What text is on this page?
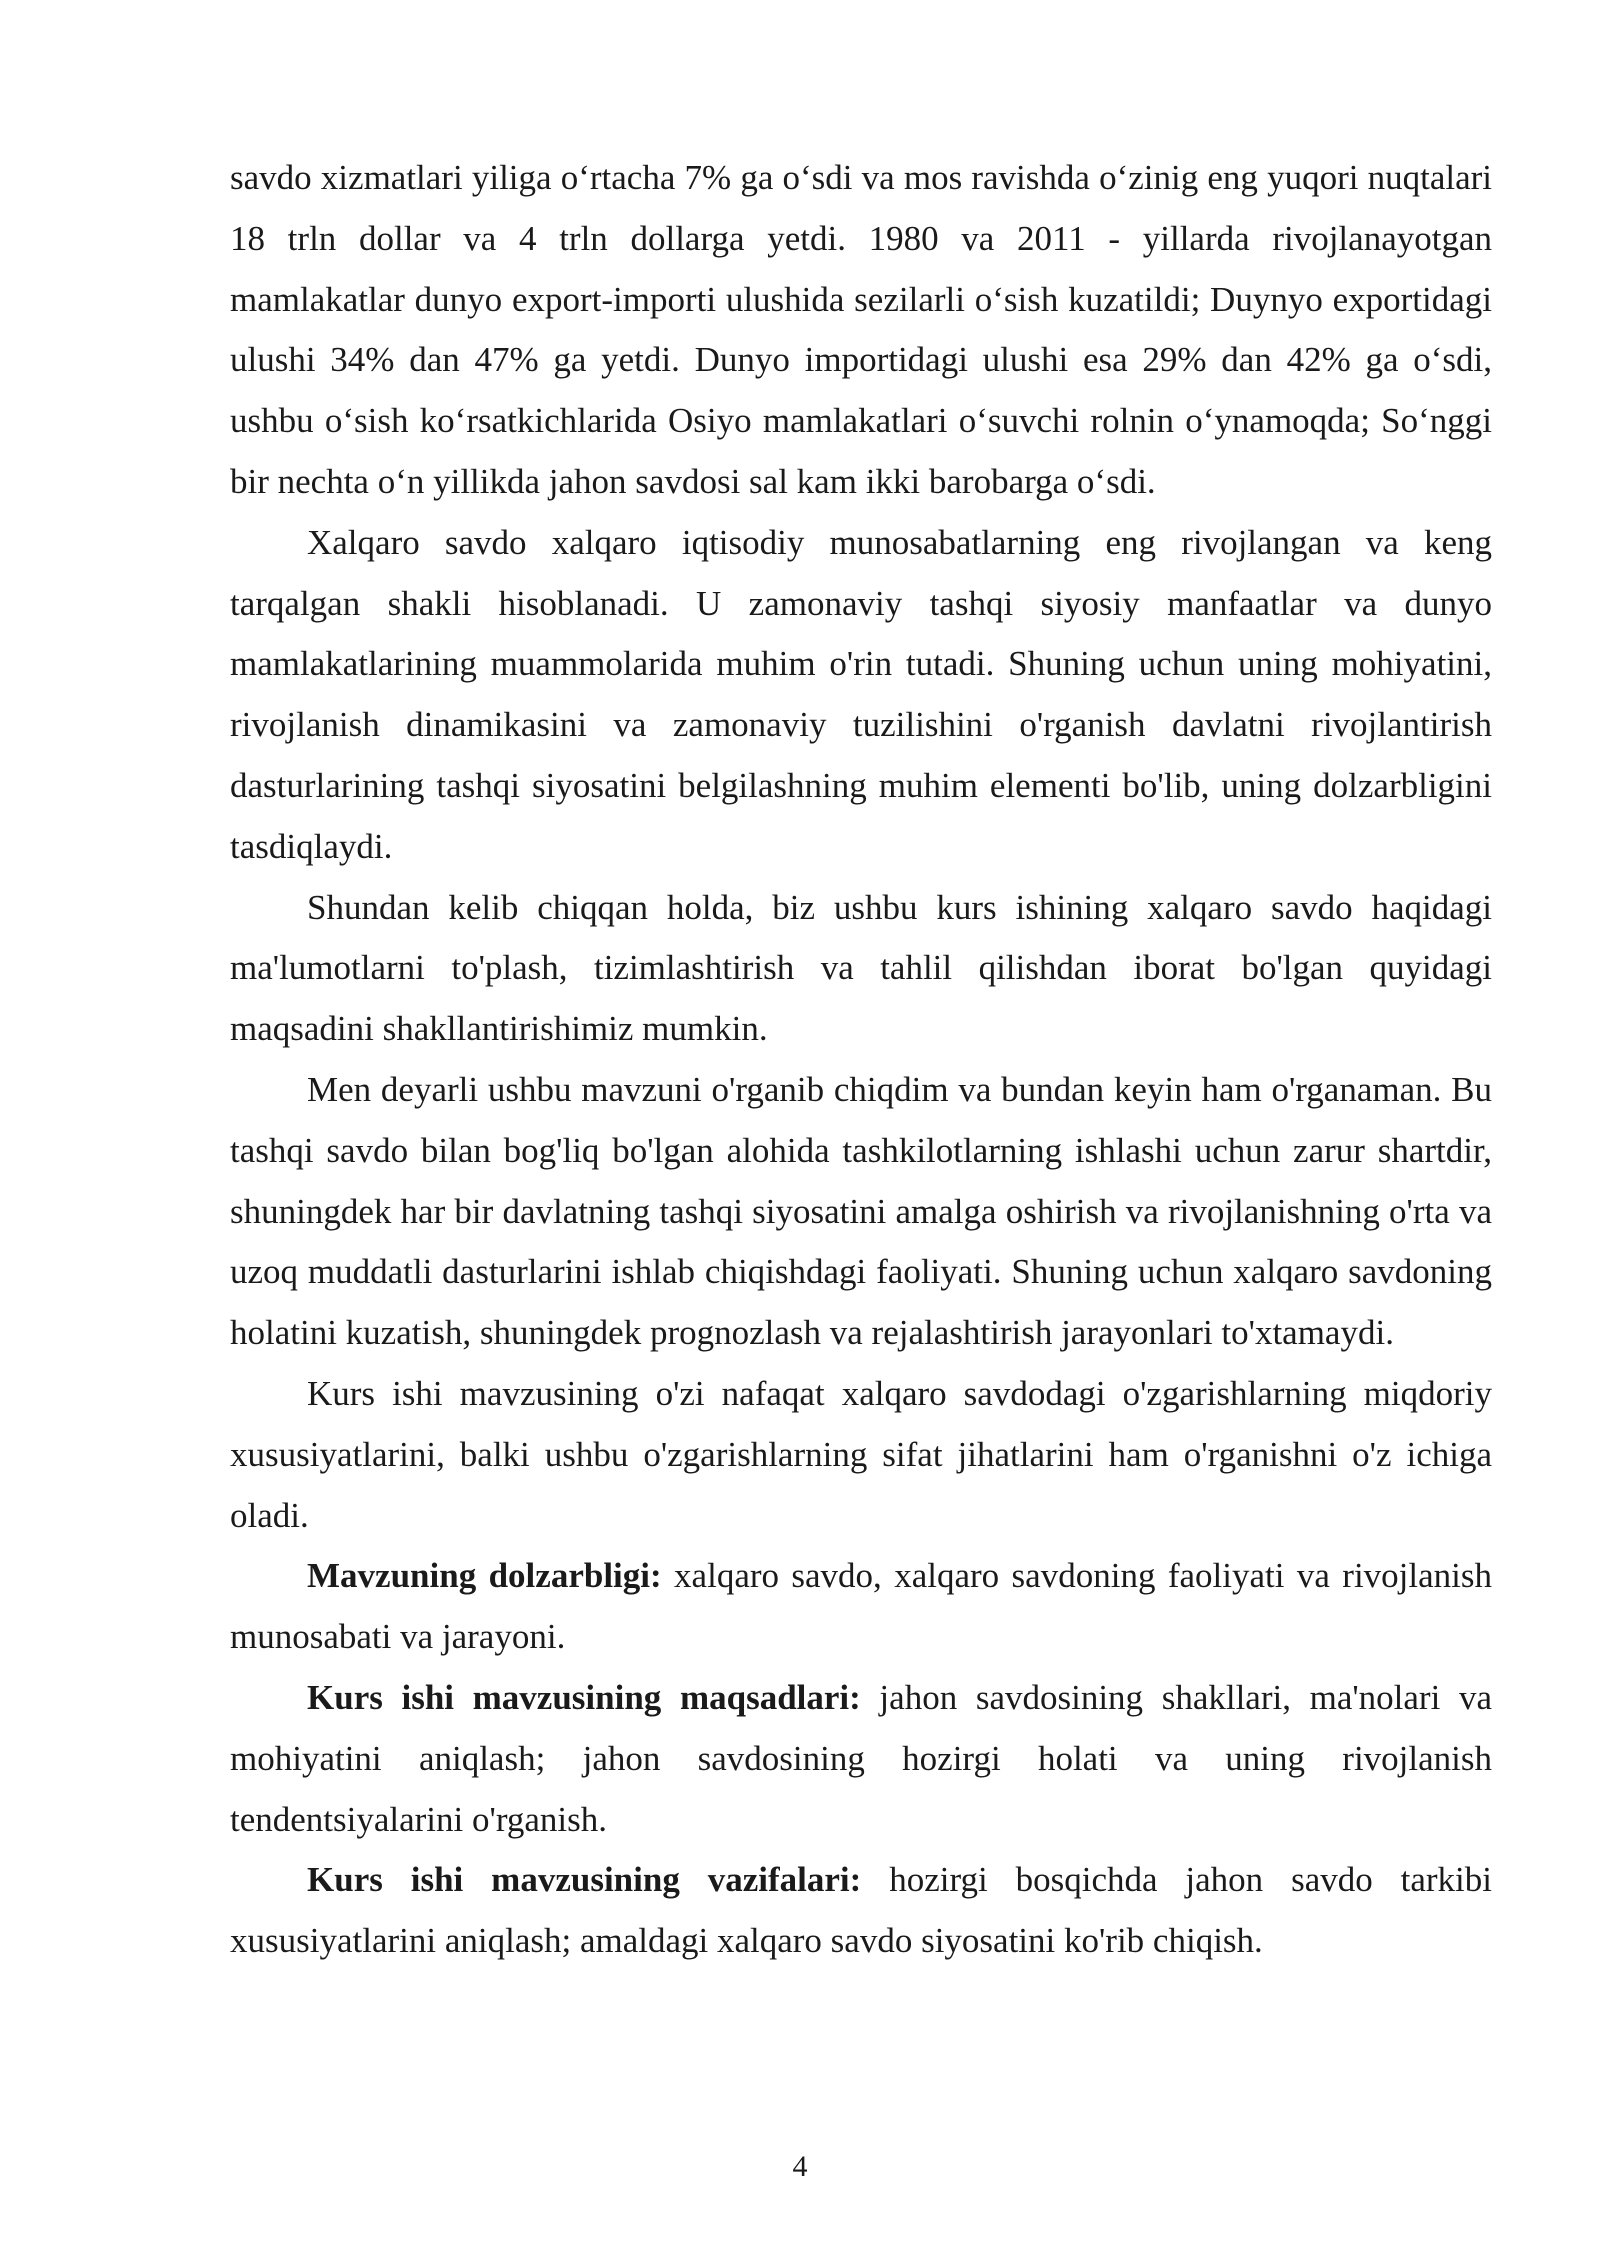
savdo xizmatlari yiliga o‘rtacha 7% ga o‘sdi va mos ravishda o‘zinig eng yuqori nuqtalari 18 trln dollar va 4 trln dollarga yetdi. 1980 va 2011 - yillarda rivojlanayotgan mamlakatlar dunyo export-importi ulushida sezilarli o‘sish kuzatildi; Duynyo exportidagi ulushi 34% dan 47% ga yetdi. Dunyo importidagi ulushi esa 29% dan 42% ga o‘sdi, ushbu o‘sish ko‘rsatkichlarida Osiyo mamlakatlari o‘suvchi rolnin o‘ynamoqda; So‘nggi bir nechta o‘n yillikda jahon savdosi sal kam ikki barobarga o‘sdi.

Xalqaro savdo xalqaro iqtisodiy munosabatlarning eng rivojlangan va keng tarqalgan shakli hisoblanadi. U zamonaviy tashqi siyosiy manfaatlar va dunyo mamlakatlarining muammolarida muhim o'rin tutadi. Shuning uchun uning mohiyatini, rivojlanish dinamikasini va zamonaviy tuzilishini o'rganish davlatni rivojlantirish dasturlarining tashqi siyosatini belgilashning muhim elementi bo'lib, uning dolzarbligini tasdiqlaydi.

Shundan kelib chiqqan holda, biz ushbu kurs ishining xalqaro savdo haqidagi ma'lumotlarni to'plash, tizimlashtirish va tahlil qilishdan iborat bo'lgan quyidagi maqsadini shakllantirishimiz mumkin.

Men deyarli ushbu mavzuni o'rganib chiqdim va bundan keyin ham o'rganaman. Bu tashqi savdo bilan bog'liq bo'lgan alohida tashkilotlarning ishlashi uchun zarur shartdir, shuningdek har bir davlatning tashqi siyosatini amalga oshirish va rivojlanishning o'rta va uzoq muddatli dasturlarini ishlab chiqishdagi faoliyati. Shuning uchun xalqaro savdoning holatini kuzatish, shuningdek prognozlash va rejalashtirish jarayonlari to'xtamaydi.

Kurs ishi mavzusining o'zi nafaqat xalqaro savdodagi o'zgarishlarning miqdoriy xususiyatlarini, balki ushbu o'zgarishlarning sifat jihatlarini ham o'rganishni o'z ichiga oladi.

Mavzuning dolzarbligi: xalqaro savdo, xalqaro savdoning faoliyati va rivojlanish munosabati va jarayoni.

Kurs ishi mavzusining maqsadlari: jahon savdosining shakllari, ma'nolari va mohiyatini aniqlash; jahon savdosining hozirgi holati va uning rivojlanish tendentsiyalarini o'rganish.

Kurs ishi mavzusining vazifalari: hozirgi bosqichda jahon savdo tarkibi xususiyatlarini aniqlash; amaldagi xalqaro savdo siyosatini ko'rib chiqish.

4
